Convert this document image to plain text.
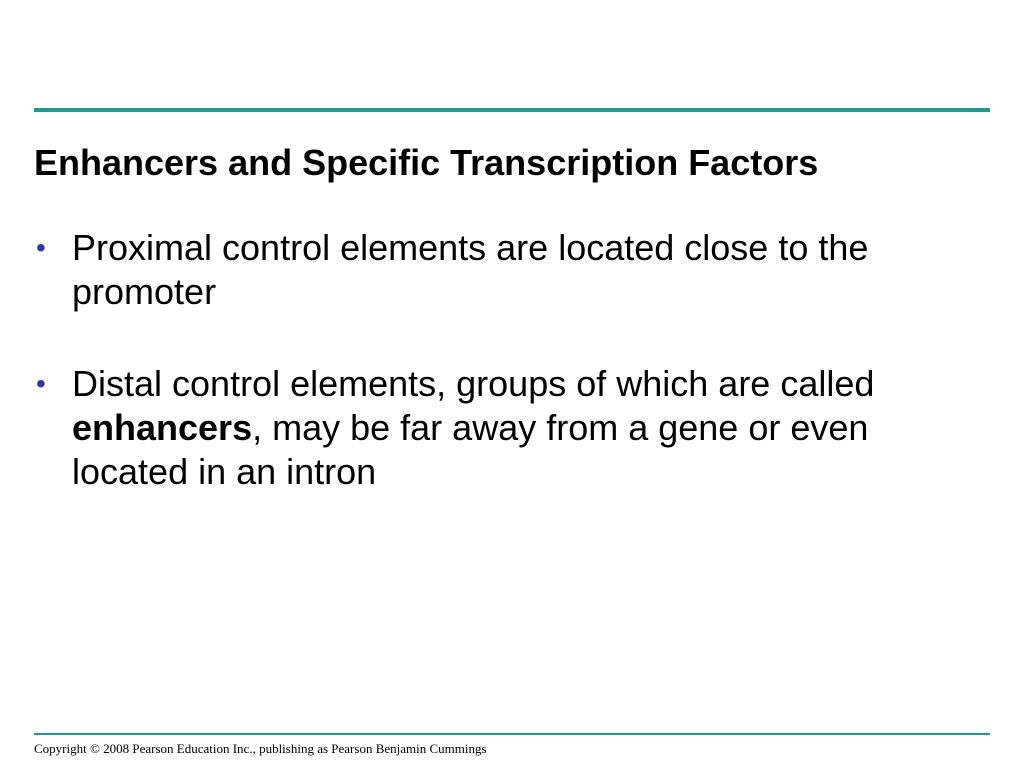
Enhancers and Specific Transcription Factors
• Proximal control elements are located close to the promoter
• Distal control elements, groups of which are called enhancers, may be far away from a gene or even located in an intron
Copyright © 2008 Pearson Education Inc., publishing as Pearson Benjamin Cummings
